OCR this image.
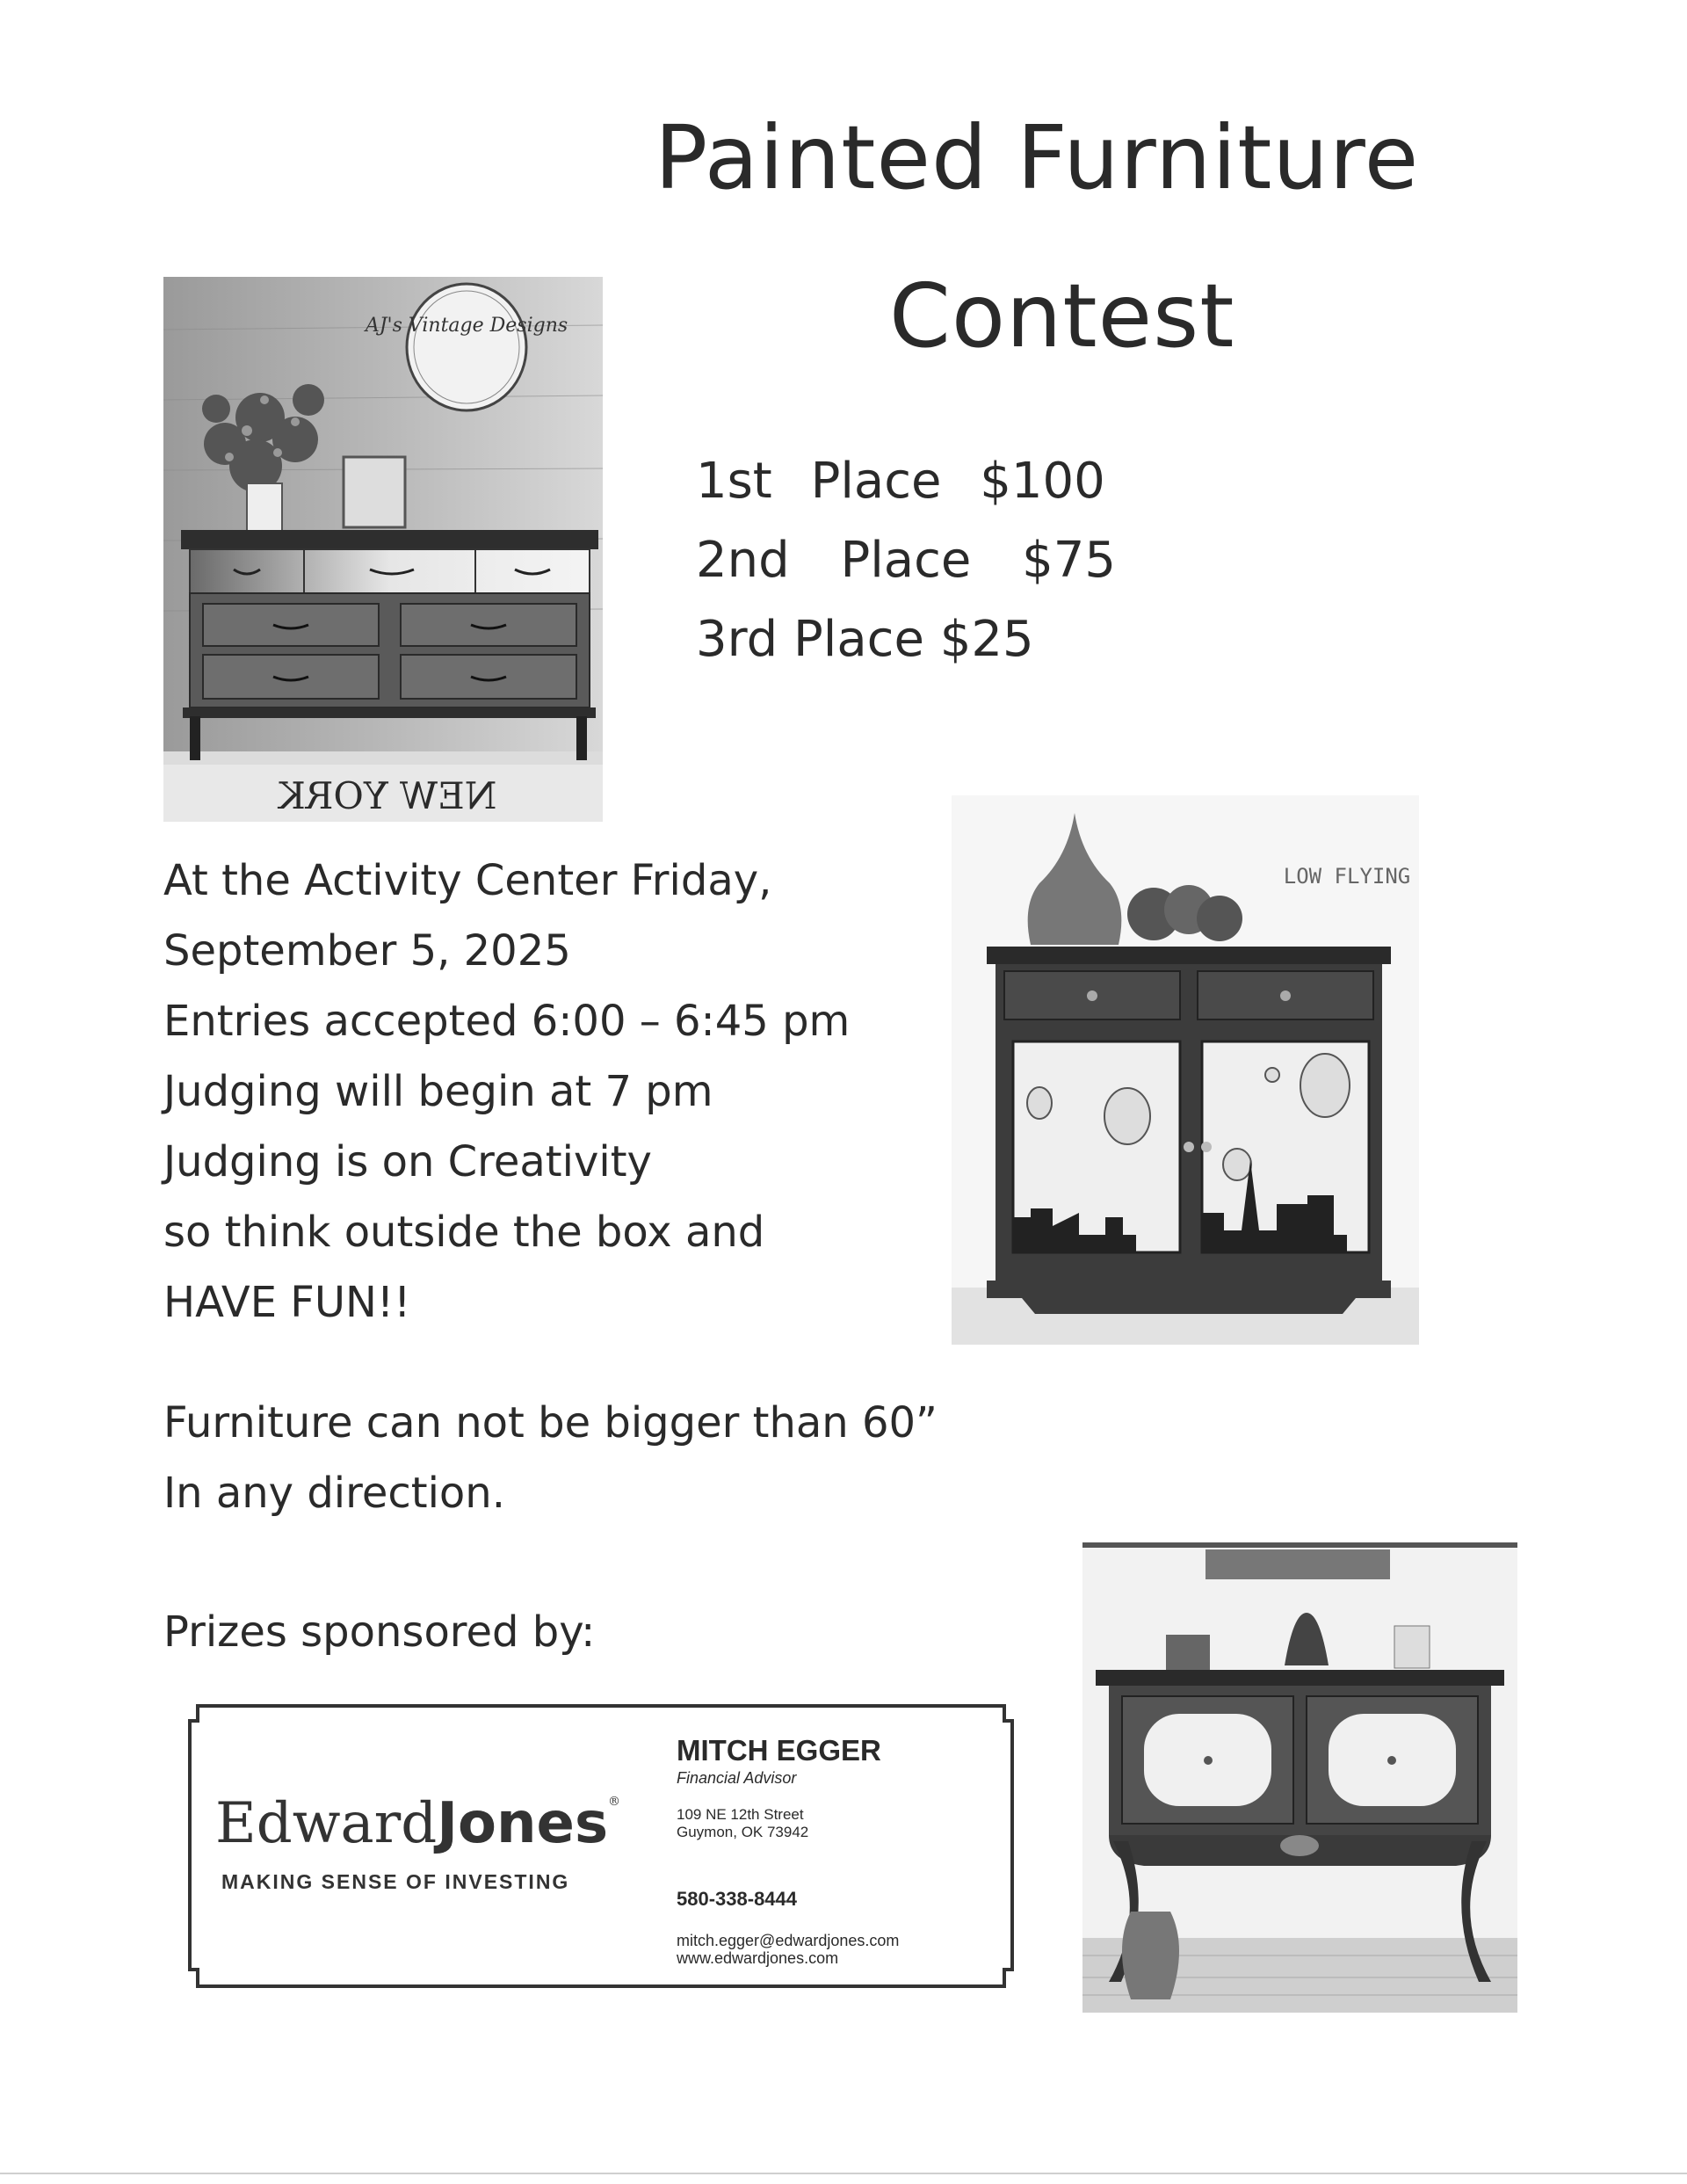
Painted Furniture
Contest
1st Place $100
2nd Place $75
3rd Place $25
AJ's Vintage Designs
NEW YORK
At the Activity Center Friday,
September 5, 2025
Entries accepted 6:00 – 6:45 pm
Judging will begin at 7 pm
Judging is on Creativity
so think outside the box and
HAVE FUN!!
Furniture can not be bigger than 60”
In any direction.
Prizes sponsored by:
LOW FLYING
EdwardJones®
MAKING SENSE OF INVESTING
MITCH EGGER
Financial Advisor
109 NE 12th Street
Guymon, OK 73942
580-338-8444
mitch.egger@edwardjones.com
www.edwardjones.com
